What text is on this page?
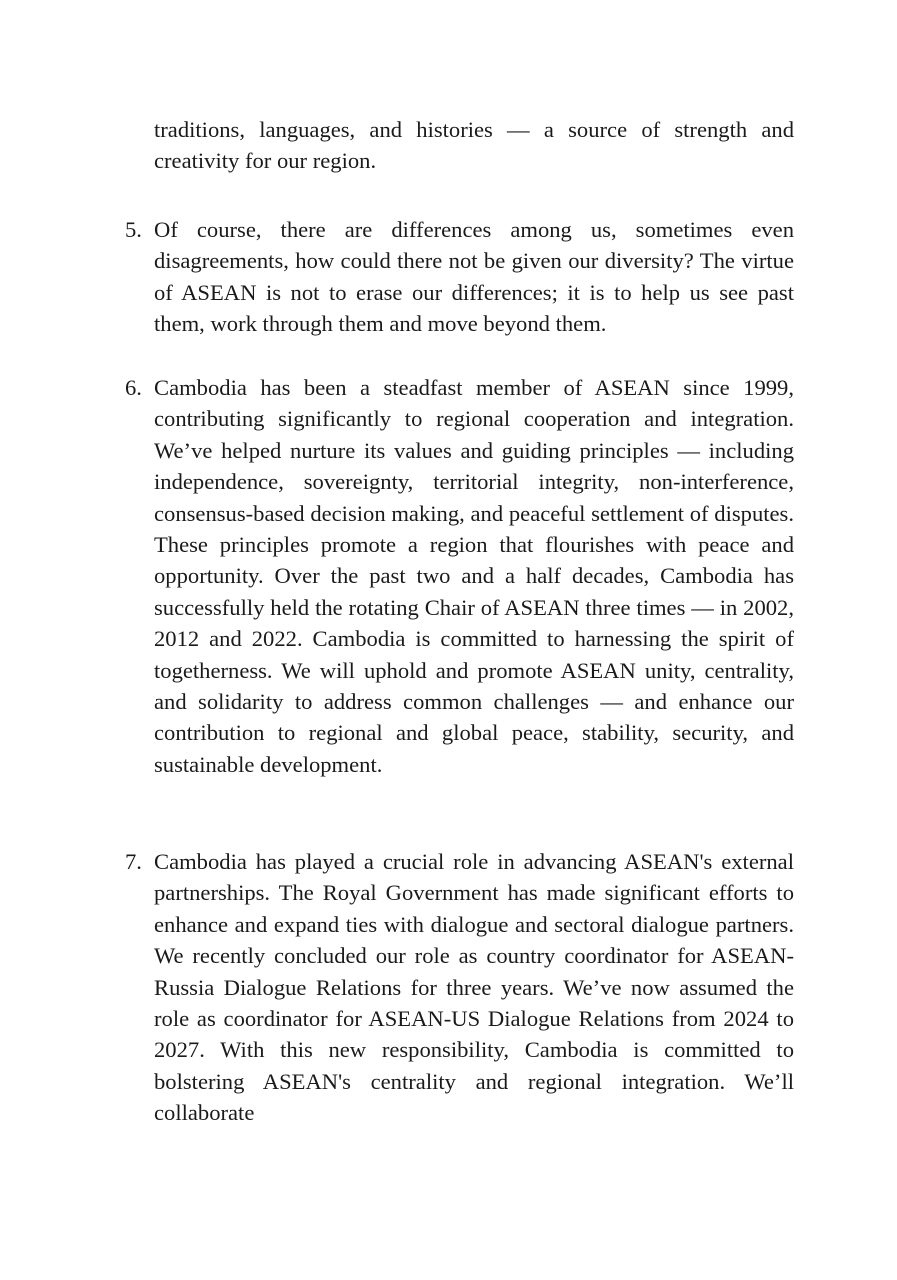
traditions, languages, and histories — a source of strength and creativity for our region.

5. Of course, there are differences among us, sometimes even disagreements, how could there not be given our diversity? The virtue of ASEAN is not to erase our differences; it is to help us see past them, work through them and move beyond them.

6. Cambodia has been a steadfast member of ASEAN since 1999, contributing significantly to regional cooperation and integration. We’ve helped nurture its values and guiding principles — including independence, sovereignty, territorial integrity, non-interference, consensus-based decision making, and peaceful settlement of disputes. These principles promote a region that flourishes with peace and opportunity. Over the past two and a half decades, Cambodia has successfully held the rotating Chair of ASEAN three times — in 2002, 2012 and 2022. Cambodia is committed to harnessing the spirit of togetherness. We will uphold and promote ASEAN unity, centrality, and solidarity to address common challenges — and enhance our contribution to regional and global peace, stability, security, and sustainable development.

7. Cambodia has played a crucial role in advancing ASEAN's external partnerships. The Royal Government has made significant efforts to enhance and expand ties with dialogue and sectoral dialogue partners. We recently concluded our role as country coordinator for ASEAN-Russia Dialogue Relations for three years. We’ve now assumed the role as coordinator for ASEAN-US Dialogue Relations from 2024 to 2027. With this new responsibility, Cambodia is committed to bolstering ASEAN's centrality and regional integration. We’ll collaborate
